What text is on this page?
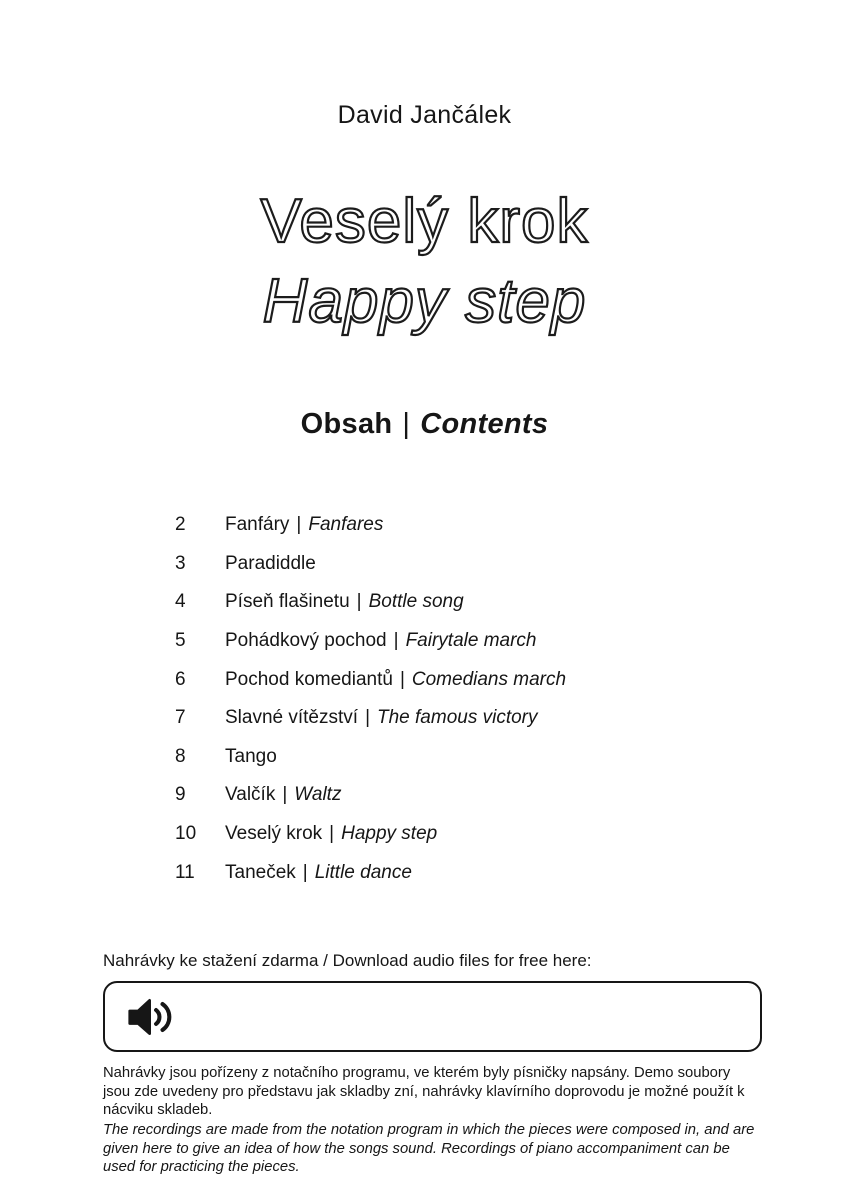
David Jančálek
Veselý krok
Happy step
Obsah | Contents
2	Fanfáry | Fanfares
3	Paradiddle
4	Píseň flašinetu | Bottle song
5	Pohádkový pochod | Fairytale march
6	Pochod komediantů | Comedians march
7	Slavné vítězství | The famous victory
8	Tango
9	Valčík | Waltz
10	Veselý krok | Happy step
11	Taneček | Little dance
Nahrávky ke stažení zdarma / Download audio files for free here:

Nahrávky jsou pořízeny z notačního programu, ve kterém byly písničky napsány. Demo soubory jsou zde uvedeny pro představu jak skladby zní, nahrávky klavírního doprovodu je možné použít k nácviku skladeb.

The recordings are made from the notation program in which the pieces were composed in, and are given here to give an idea of how the songs sound. Recordings of piano accompaniment can be used for practicing the pieces.
